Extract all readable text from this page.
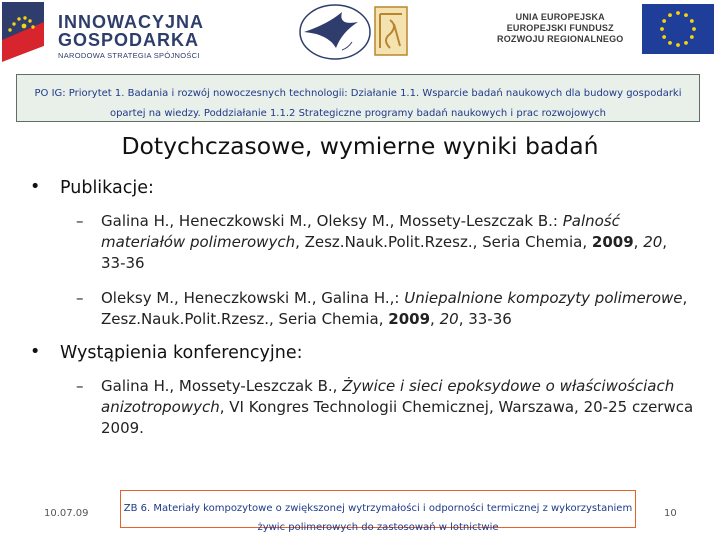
INNOWACYJNA
GOSPODARKA
NARODOWA STRATEGIA SPÓJNOŚCI
UNIA EUROPEJSKA
EUROPEJSKI FUNDUSZ
ROZWOJU REGIONALNEGO
PO IG: Priorytet 1. Badania i rozwój nowoczesnych technologii: Działanie 1.1. Wsparcie badań naukowych dla budowy gospodarki opartej na wiedzy. Poddziałanie 1.1.2 Strategiczne programy badań naukowych i prac rozwojowych
Dotychczasowe, wymierne wyniki badań
• Publikacje:
– Galina H., Heneczkowski M., Oleksy M., Mossety-Leszczak B.: Palność materiałów polimerowych, Zesz.Nauk.Polit.Rzesz., Seria Chemia, 2009, 20, 33-36
– Oleksy M., Heneczkowski M., Galina H.,: Uniepalnione kompozyty polimerowe, Zesz.Nauk.Polit.Rzesz., Seria Chemia, 2009, 20, 33-36
• Wystąpienia konferencyjne:
– Galina H., Mossety-Leszczak B., Żywice i sieci epoksydowe o właściwościach anizotropowych, VI Kongres Technologii Chemicznej, Warszawa, 20-25 czerwca 2009.
10.07.09	ZB 6. Materiały kompozytowe o zwiększonej wytrzymałości i odporności termicznej z wykorzystaniem żywic polimerowych do zastosowań w lotnictwie
10
